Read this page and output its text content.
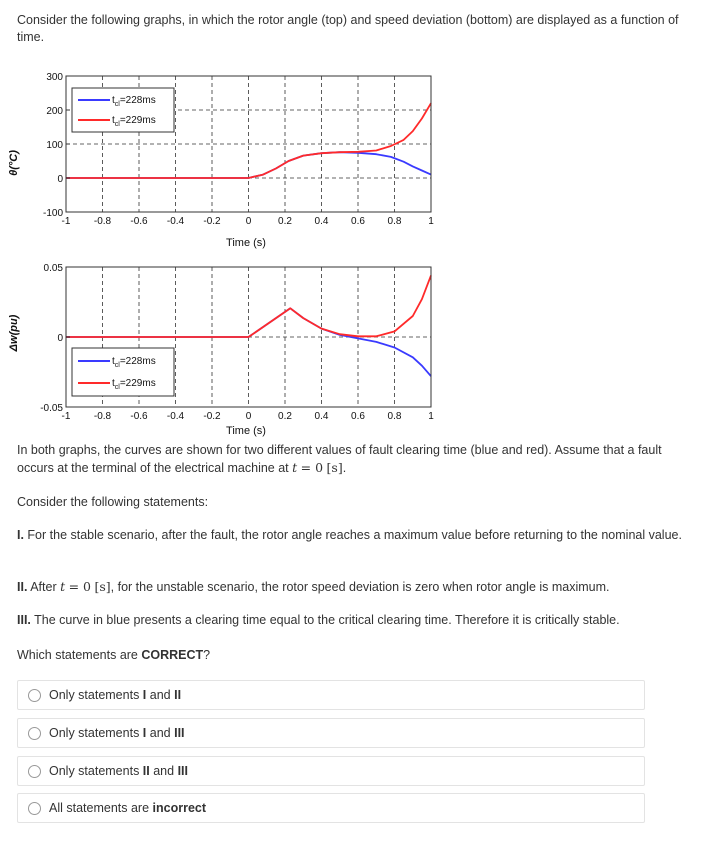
Consider the following graphs, in which the rotor angle (top) and speed deviation (bottom) are displayed as a function of time.
300
200
100
0
-100
-1 -0.8 -0.6 -0.4 -0.2	0	0.2 0.4 0.6 0.8	1
Time (s)
θ(°C)
$t_{cl}=228ms$
$t_{cl}=229ms$
0.05
0
-0.05
-1 -0.8 -0.6 -0.4 -0.2	0	0.2 0.4 0.6 0.8	1
Time (s)
Δw(pu)
$t_{cl}=228ms$
$t_{cl}=229ms$
In both graphs, the curves are shown for two different values of fault clearing time (blue and red). Assume that a fault occurs at the terminal of the electrical machine at t = 0 [s].
Consider the following statements:
I. For the stable scenario, after the fault, the rotor angle reaches a maximum value before returning to the nominal value.
II. After t = 0 [s], for the unstable scenario, the rotor speed deviation is zero when rotor angle is maximum.
III. The curve in blue presents a clearing time equal to the critical clearing time. Therefore it is critically stable.
Which statements are CORRECT?
Only statements I and II
Only statements I and III
Only statements II and III
All statements are incorrect
